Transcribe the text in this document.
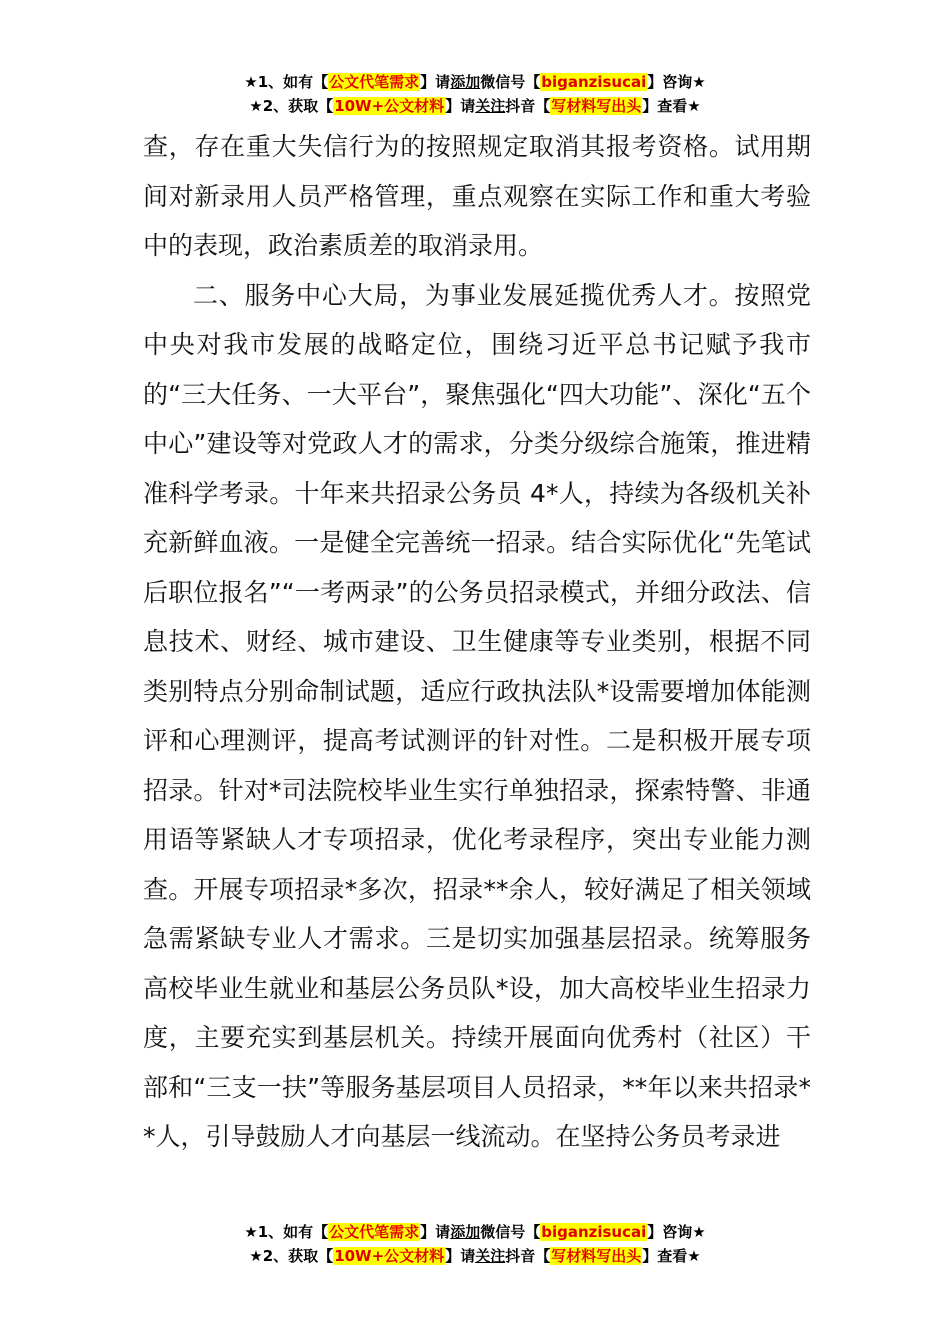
★1、如有【公文代笔需求】请添加微信号【biganzisucai】咨询★
★2、获取【10W+公文材料】请关注抖音【写材料写出头】查看★

查，存在重大失信行为的按照规定取消其报考资格。试用期间对新录用人员严格管理，重点观察在实际工作和重大考验中的表现，政治素质差的取消录用。

二、服务中心大局，为事业发展延揽优秀人才。按照党中央对我市发展的战略定位，围绕习近平总书记赋予我市的“三大任务、一大平台”，聚焦强化“四大功能”、深化“五个中心”建设等对党政人才的需求，分类分级综合施策，推进精准科学考录。十年来共招录公务员 4*人，持续为各级机关补充新鲜血液。一是健全完善统一招录。结合实际优化“先笔试后职位报名”“一考两录”的公务员招录模式，并细分政法、信息技术、财经、城市建设、卫生健康等专业类别，根据不同类别特点分别命制试题，适应行政执法队*设需要增加体能测评和心理测评，提高考试测评的针对性。二是积极开展专项招录。针对*司法院校毕业生实行单独招录，探索特警、非通用语等紧缺人才专项招录，优化考录程序，突出专业能力测查。开展专项招录*多次，招录**余人，较好满足了相关领域急需紧缺专业人才需求。三是切实加强基层招录。统筹服务高校毕业生就业和基层公务员队*设，加大高校毕业生招录力度，主要充实到基层机关。持续开展面向优秀村（社区）干部和“三支一扶”等服务基层项目人员招录，**年以来共招录**人，引导鼓励人才向基层一线流动。在坚持公务员考录进

★1、如有【公文代笔需求】请添加微信号【biganzisucai】咨询★
★2、获取【10W+公文材料】请关注抖音【写材料写出头】查看★
